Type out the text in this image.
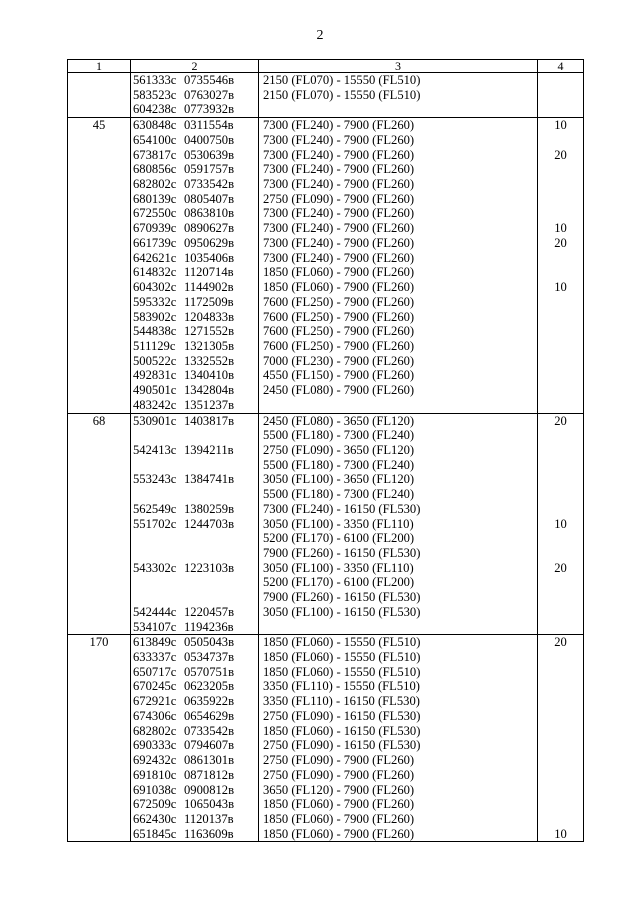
2
1	2	3	4
	561333с 0735546в	2150 (FL070) - 15550 (FL510)	
	583523с 0763027в	2150 (FL070) - 15550 (FL510)	
	604238с 0773932в		
45	630848с 0311554в	7300 (FL240) - 7900 (FL260)	10
	654100с 0400750в	7300 (FL240) - 7900 (FL260)	
	673817с 0530639в	7300 (FL240) - 7900 (FL260)	20
	680856с 0591757в	7300 (FL240) - 7900 (FL260)	
	682802с 0733542в	7300 (FL240) - 7900 (FL260)	
	680139с 0805407в	2750 (FL090) - 7900 (FL260)	
	672550с 0863810в	7300 (FL240) - 7900 (FL260)	
	670939с 0890627в	7300 (FL240) - 7900 (FL260)	10
	661739с 0950629в	7300 (FL240) - 7900 (FL260)	20
	642621с 1035406в	7300 (FL240) - 7900 (FL260)	
	614832с 1120714в	1850 (FL060) - 7900 (FL260)	
	604302с 1144902в	1850 (FL060) - 7900 (FL260)	10
	595332с 1172509в	7600 (FL250) - 7900 (FL260)	
	583902с 1204833в	7600 (FL250) - 7900 (FL260)	
	544838с 1271552в	7600 (FL250) - 7900 (FL260)	
	511129с 1321305в	7600 (FL250) - 7900 (FL260)	
	500522с 1332552в	7000 (FL230) - 7900 (FL260)	
	492831с 1340410в	4550 (FL150) - 7900 (FL260)	
	490501с 1342804в	2450 (FL080) - 7900 (FL260)	
	483242с 1351237в		
68	530901с 1403817в	2450 (FL080) - 3650 (FL120)	20
		5500 (FL180) - 7300 (FL240)	
	542413с 1394211в	2750 (FL090) - 3650 (FL120)	
		5500 (FL180) - 7300 (FL240)	
	553243с 1384741в	3050 (FL100) - 3650 (FL120)	
		5500 (FL180) - 7300 (FL240)	
	562549с 1380259в	7300 (FL240) - 16150 (FL530)	
	551702с 1244703в	3050 (FL100) - 3350 (FL110)	10
		5200 (FL170) - 6100 (FL200)	
		7900 (FL260) - 16150 (FL530)	
	543302с 1223103в	3050 (FL100) - 3350 (FL110)	20
		5200 (FL170) - 6100 (FL200)	
		7900 (FL260) - 16150 (FL530)	
	542444с 1220457в	3050 (FL100) - 16150 (FL530)	
	534107с 1194236в		
170	613849с 0505043в	1850 (FL060) - 15550 (FL510)	20
	633337с 0534737в	1850 (FL060) - 15550 (FL510)	
	650717с 0570751в	1850 (FL060) - 15550 (FL510)	
	670245с 0623205в	3350 (FL110) - 15550 (FL510)	
	672921с 0635922в	3350 (FL110) - 16150 (FL530)	
	674306с 0654629в	2750 (FL090) - 16150 (FL530)	
	682802с 0733542в	1850 (FL060) - 16150 (FL530)	
	690333с 0794607в	2750 (FL090) - 16150 (FL530)	
	692432с 0861301в	2750 (FL090) - 7900 (FL260)	
	691810с 0871812в	2750 (FL090) - 7900 (FL260)	
	691038с 0900812в	3650 (FL120) - 7900 (FL260)	
	672509с 1065043в	1850 (FL060) - 7900 (FL260)	
	662430с 1120137в	1850 (FL060) - 7900 (FL260)	
	651845с 1163609в	1850 (FL060) - 7900 (FL260)	10
